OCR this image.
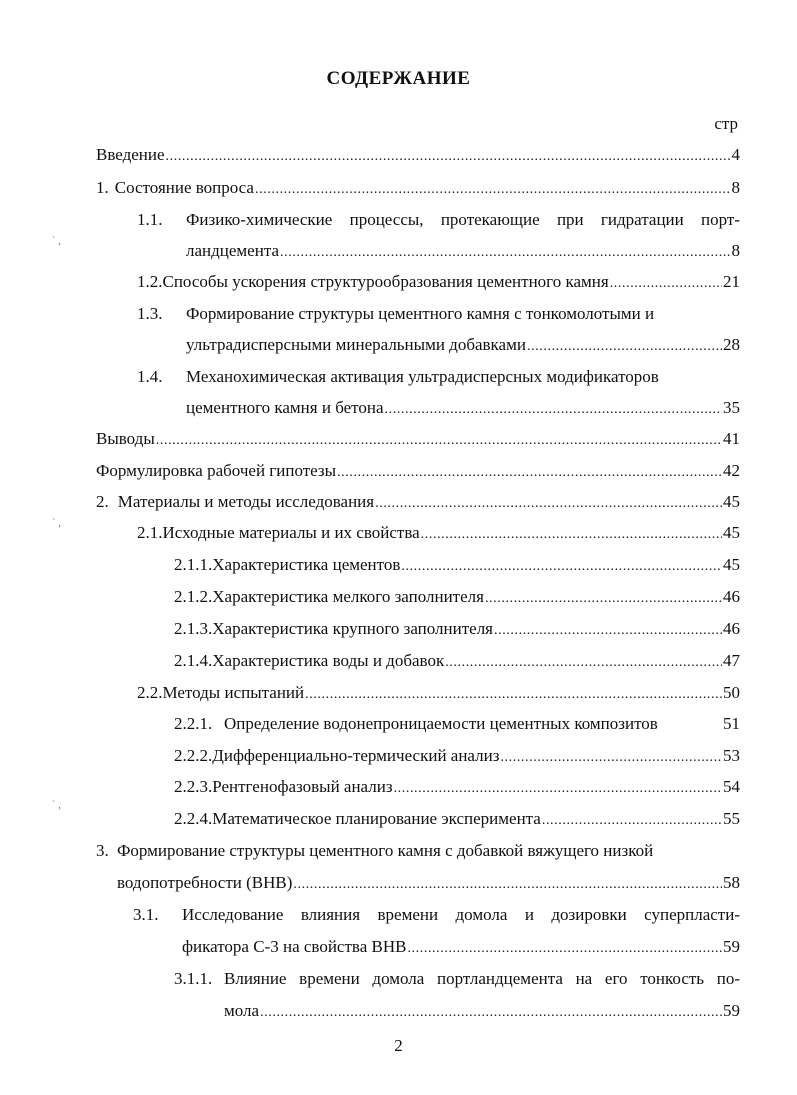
СОДЕРЖАНИЕ
стр
Введение .....	4
1. Состояние вопроса .....	8
1.1. Физико-химические процессы, протекающие при гидратации порт-
ландцемента .....	8
1.2. Способы ускорения структурообразования цементного камня .....	21
1.3. Формирование структуры цементного камня с тонкомолотыми и
ультрадисперсными минеральными добавками .....	28
1.4. Механохимическая активация ультрадисперсных модификаторов
цементного камня и бетона .....	35
Выводы .....	41
Формулировка рабочей гипотезы .....	42
2. Материалы и методы исследования .....	45
2.1. Исходные материалы и их свойства .....	45
2.1.1. Характеристика цементов .....	45
2.1.2. Характеристика мелкого заполнителя .....	46
2.1.3. Характеристика крупного заполнителя .....	46
2.1.4. Характеристика воды и добавок .....	47
2.2. Методы испытаний .....	50
2.2.1. Определение водонепроницаемости цементных композитов	51
2.2.2. Дифференциально-термический анализ .....	53
2.2.3. Рентгенофазовый анализ .....	54
2.2.4. Математическое планирование эксперимента .....	55
3. Формирование структуры цементного камня с добавкой вяжущего низкой
водопотребности (ВНВ) .....	58
3.1. Исследование влияния времени домола и дозировки суперпласти-
фикатора С-3 на свойства ВНВ .....	59
3.1.1. Влияние времени домола портландцемента на его тонкость по-
мола .....	59
2
` ‚
` ‚
` ‚
'
